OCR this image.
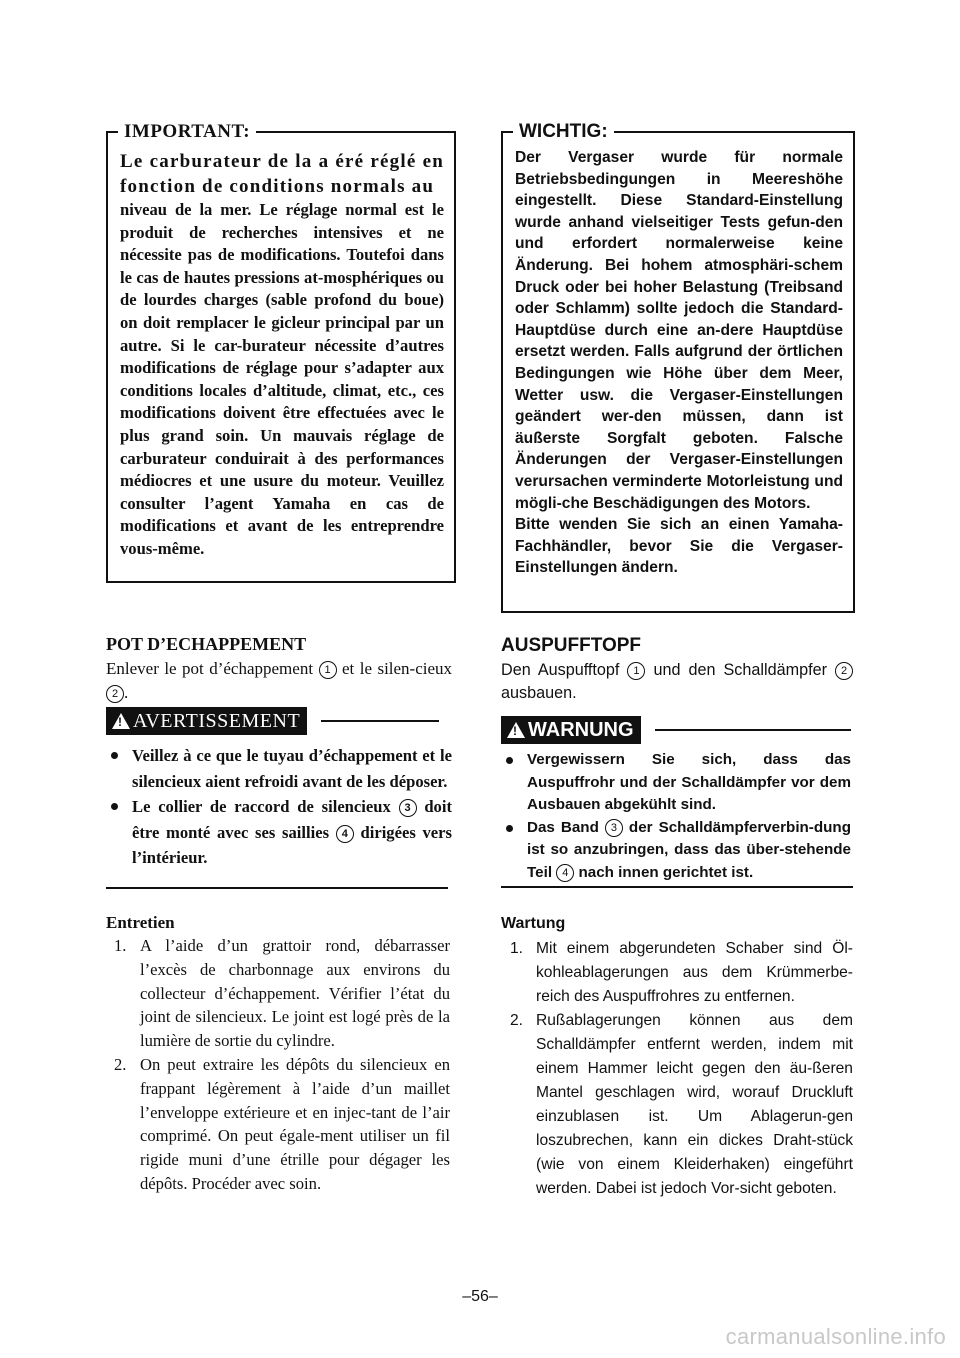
IMPORTANT:
Le carburateur de la a éré réglé en fonction de conditions normals au
niveau de la mer. Le réglage normal est le produit de recherches intensives et ne nécessite pas de modifications. Toutefoi dans le cas de hautes pressions at-mosphériques ou de lourdes charges (sable profond du boue) on doit remplacer le gicleur principal par un autre. Si le car-burateur nécessite d’autres modifications de réglage pour s’adapter aux conditions locales d’altitude, climat, etc., ces modifications doivent être effectuées avec le plus grand soin. Un mauvais réglage de carburateur conduirait à des performances médiocres et une usure du moteur. Veuillez consulter l’agent Yamaha en cas de modifications et avant de les entreprendre vous-même.
POT D’ECHAPPEMENT
Enlever le pot d’échappement 1 et le silen-cieux 2 .
!
AVERTISSEMENT
Veillez à ce que le tuyau d’échappement et le silencieux aient refroidi avant de les déposer.
Le collier de raccord de silencieux 3 doit être monté avec ses saillies 4 dirigées vers l’intérieur.
Entretien
1. A l’aide d’un grattoir rond, débarrasser l’excès de charbonnage aux environs du collecteur d’échappement. Vérifier l’état du joint de silencieux. Le joint est logé près de la lumière de sortie du cylindre.
2. On peut extraire les dépôts du silencieux en frappant légèrement à l’aide d’un maillet l’enveloppe extérieure et en injec-tant de l’air comprimé. On peut égale-ment utiliser un fil rigide muni d’une étrille pour dégager les dépôts. Procéder avec soin.
WICHTIG:
Der Vergaser wurde für normale Betriebsbedingungen in Meereshöhe eingestellt. Diese Standard-Einstellung wurde anhand vielseitiger Tests gefun-den und erfordert normalerweise keine Änderung. Bei hohem atmosphäri-schem Druck oder bei hoher Belastung (Treibsand oder Schlamm) sollte jedoch die Standard-Hauptdüse durch eine an-dere Hauptdüse ersetzt werden. Falls aufgrund der örtlichen Bedingungen wie Höhe über dem Meer, Wetter usw. die Vergaser-Einstellungen geändert wer-den müssen, dann ist äußerste Sorgfalt geboten. Falsche Änderungen der Vergaser-Einstellungen verursachen verminderte Motorleistung und mögli-che Beschädigungen des Motors.
Bitte wenden Sie sich an einen Yamaha-Fachhändler, bevor Sie die Vergaser-Einstellungen ändern.
AUSPUFFTOPF
Den Auspufftopf 1 und den Schalldämpfer 2 ausbauen.
!
WARNUNG
Vergewissern Sie sich, dass das Auspuffrohr und der Schalldämpfer vor dem Ausbauen abgekühlt sind.
Das Band 3 der Schalldämpferverbin-dung ist so anzubringen, dass das über-stehende Teil 4 nach innen gerichtet ist.
Wartung
1. Mit einem abgerundeten Schaber sind Öl-kohleablagerungen aus dem Krümmerbe-reich des Auspuffrohres zu entfernen.
2. Rußablagerungen können aus dem Schalldämpfer entfernt werden, indem mit einem Hammer leicht gegen den äu-ßeren Mantel geschlagen wird, worauf Druckluft einzublasen ist. Um Ablagerun-gen loszubrechen, kann ein dickes Draht-stück (wie von einem Kleiderhaken) eingeführt werden. Dabei ist jedoch Vor-sicht geboten.
–56–
carmanualsonline.info
